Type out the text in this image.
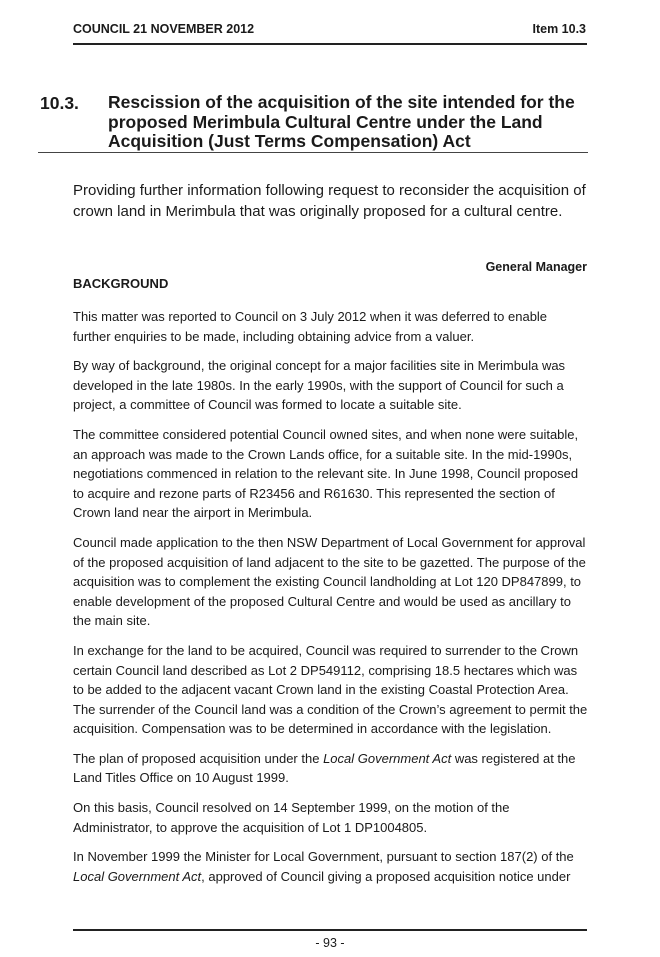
COUNCIL 21 NOVEMBER 2012	Item 10.3
10.3. Rescission of the acquisition of the site intended for the proposed Merimbula Cultural Centre under the Land Acquisition (Just Terms Compensation) Act

Providing further information following request to reconsider the acquisition of crown land in Merimbula that was originally proposed for a cultural centre.

General Manager
BACKGROUND

This matter was reported to Council on 3 July 2012 when it was deferred to enable further enquiries to be made, including obtaining advice from a valuer.

By way of background, the original concept for a major facilities site in Merimbula was developed in the late 1980s. In the early 1990s, with the support of Council for such a project, a committee of Council was formed to locate a suitable site.

The committee considered potential Council owned sites, and when none were suitable, an approach was made to the Crown Lands office, for a suitable site. In the mid-1990s, negotiations commenced in relation to the relevant site. In June 1998, Council proposed to acquire and rezone parts of R23456 and R61630. This represented the section of Crown land near the airport in Merimbula.

Council made application to the then NSW Department of Local Government for approval of the proposed acquisition of land adjacent to the site to be gazetted. The purpose of the acquisition was to complement the existing Council landholding at Lot 120 DP847899, to enable development of the proposed Cultural Centre and would be used as ancillary to the main site.

In exchange for the land to be acquired, Council was required to surrender to the Crown certain Council land described as Lot 2 DP549112, comprising 18.5 hectares which was to be added to the adjacent vacant Crown land in the existing Coastal Protection Area. The surrender of the Council land was a condition of the Crown’s agreement to permit the acquisition. Compensation was to be determined in accordance with the legislation.

The plan of proposed acquisition under the Local Government Act was registered at the Land Titles Office on 10 August 1999.

On this basis, Council resolved on 14 September 1999, on the motion of the Administrator, to approve the acquisition of Lot 1 DP1004805.

In November 1999 the Minister for Local Government, pursuant to section 187(2) of the Local Government Act, approved of Council giving a proposed acquisition notice under

- 93 -
